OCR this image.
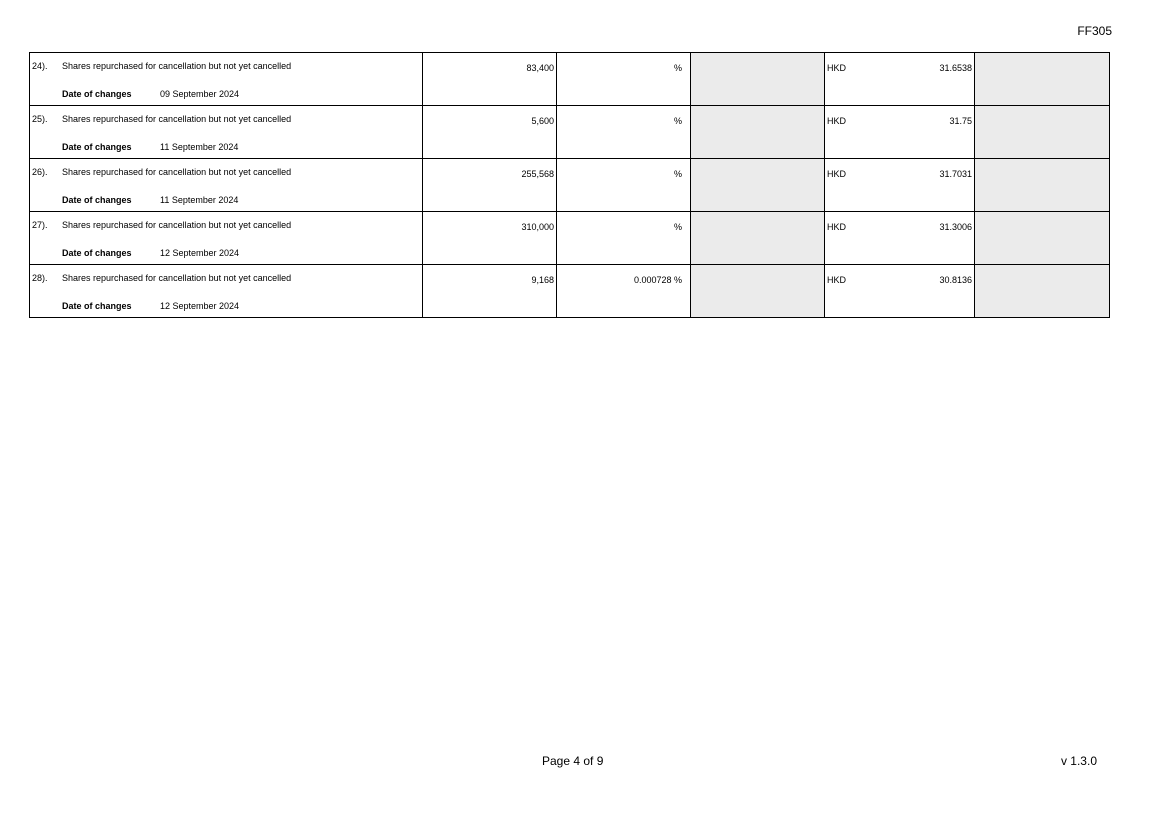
FF305
24). Shares repurchased for cancellation but not yet cancelled
Date of changes 09 September 2024	83,400	%		HKD 31.6538	

25). Shares repurchased for cancellation but not yet cancelled
Date of changes 11 September 2024	5,600	%		HKD 31.75	

26). Shares repurchased for cancellation but not yet cancelled
Date of changes 11 September 2024	255,568	%		HKD 31.7031	

27). Shares repurchased for cancellation but not yet cancelled
Date of changes 12 September 2024	310,000	%		HKD 31.3006	

28). Shares repurchased for cancellation but not yet cancelled
Date of changes 12 September 2024	9,168	0.000728 %		HKD 30.8136	

Page 4 of 9	v 1.3.0
